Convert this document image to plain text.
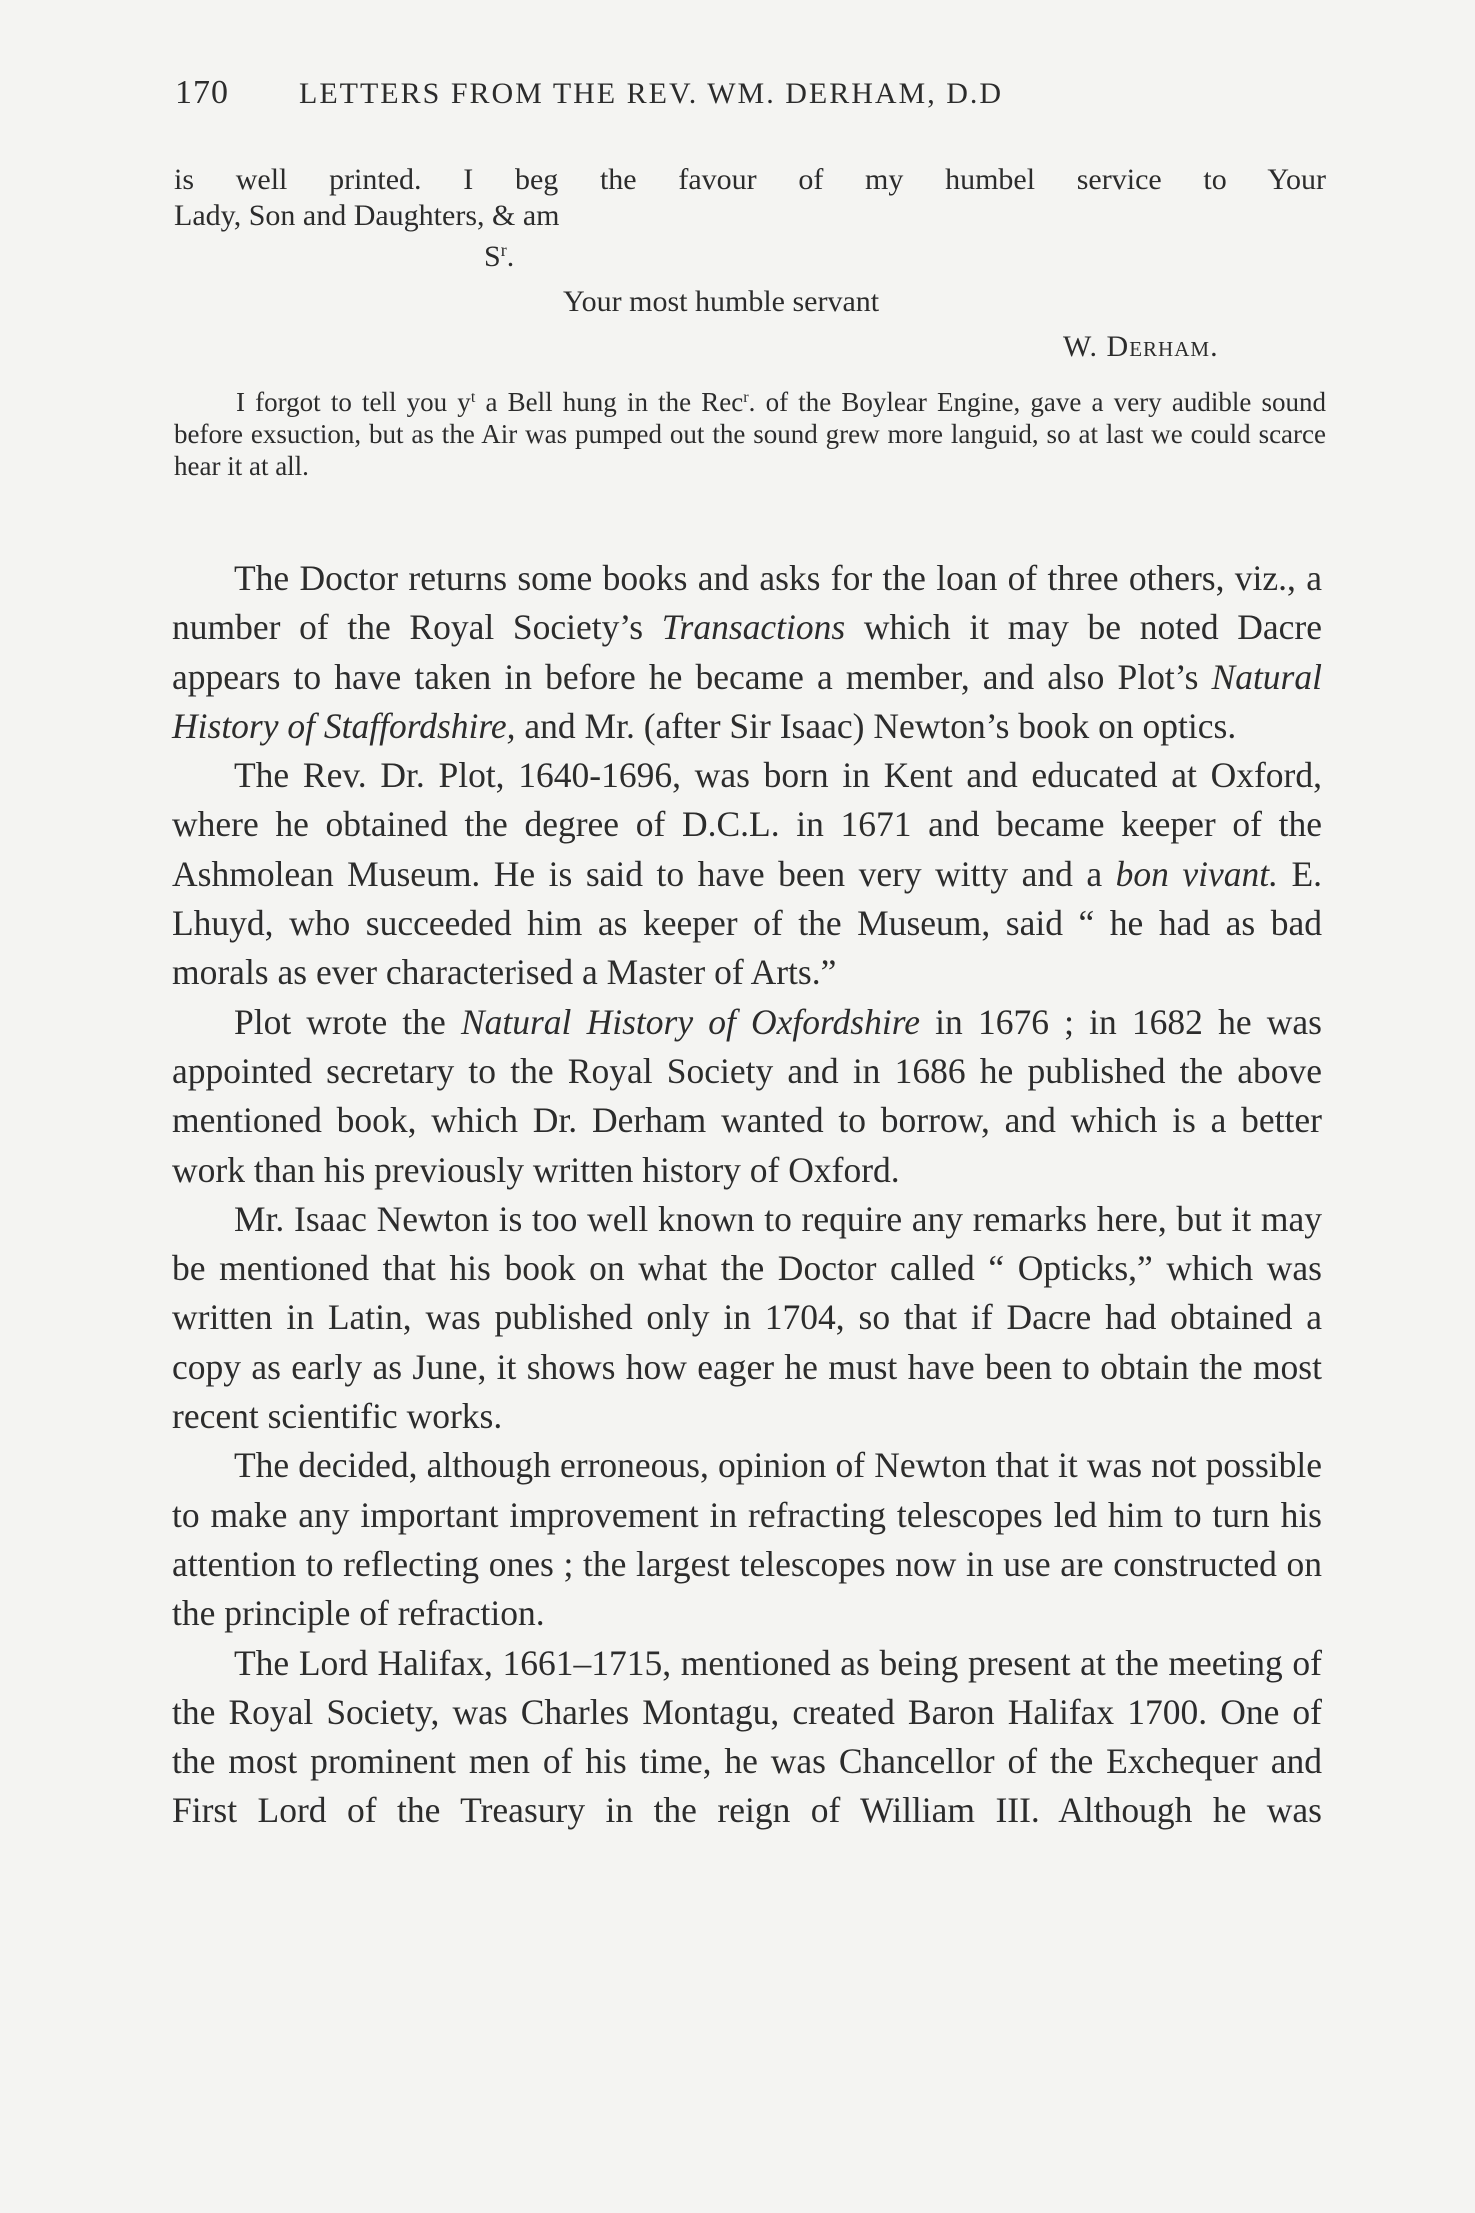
170 LETTERS FROM THE REV. WM. DERHAM, D.D

is well printed. I beg the favour of my humbel service to Your

Lady, Son and Daughters, & am

$S^r$.
Your most humble servant
W. Derham.

I forgot to tell you $y^t$ a Bell hung in the Rec$^r$. of the Boylear Engine, gave a very audible sound before exsuction, but as the Air was pumped out the sound grew more languid, so at last we could scarce hear it at all.

The Doctor returns some books and asks for the loan of three others, viz., a number of the Royal Society’s Transactions which it may be noted Dacre appears to have taken in before he became a member, and also Plot’s Natural History of Staffordshire, and Mr. (after Sir Isaac) Newton’s book on optics.

The Rev. Dr. Plot, 1640-1696, was born in Kent and educated at Oxford, where he obtained the degree of D.C.L. in 1671 and became keeper of the Ashmolean Museum. He is said to have been very witty and a bon vivant. E. Lhuyd, who succeeded him as keeper of the Museum, said “ he had as bad morals as ever characterised a Master of Arts.”

Plot wrote the Natural History of Oxfordshire in 1676 ; in 1682 he was appointed secretary to the Royal Society and in 1686 he published the above mentioned book, which Dr. Derham wanted to borrow, and which is a better work than his previously written history of Oxford.

Mr. Isaac Newton is too well known to require any remarks here, but it may be mentioned that his book on what the Doctor called “ Opticks,” which was written in Latin, was published only in 1704, so that if Dacre had obtained a copy as early as June, it shows how eager he must have been to obtain the most recent scientific works.

The decided, although erroneous, opinion of Newton that it was not possible to make any important improvement in refracting telescopes led him to turn his attention to reflecting ones ; the largest telescopes now in use are constructed on the principle of refraction.

The Lord Halifax, 1661–1715, mentioned as being present at the meeting of the Royal Society, was Charles Montagu, created Baron Halifax 1700. One of the most prominent men of his time, he was Chancellor of the Exchequer and First Lord of the Treasury in the reign of William III. Although he was
